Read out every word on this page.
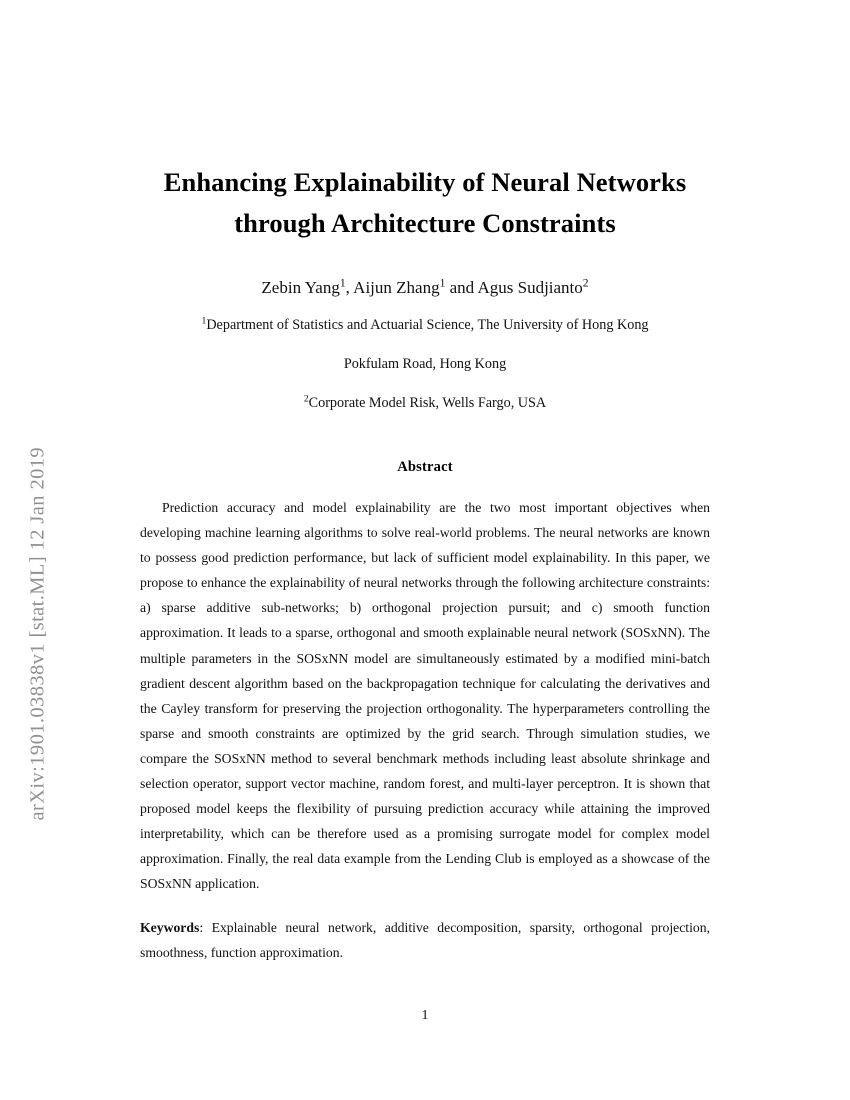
arXiv:1901.03838v1 [stat.ML] 12 Jan 2019
Enhancing Explainability of Neural Networks
through Architecture Constraints

Zebin Yang$^1$, Aijun Zhang$^1$ and Agus Sudjianto$^2$

$^1$Department of Statistics and Actuarial Science, The University of Hong Kong

Pokfulam Road, Hong Kong

$^2$Corporate Model Risk, Wells Fargo, USA

Abstract

Prediction accuracy and model explainability are the two most important objectives when developing machine learning algorithms to solve real-world problems. The neural networks are known to possess good prediction performance, but lack of sufficient model explainability. In this paper, we propose to enhance the explainability of neural networks through the following architecture constraints: a) sparse additive sub-networks; b) orthogonal projection pursuit; and c) smooth function approximation. It leads to a sparse, orthogonal and smooth explainable neural network (SOSxNN). The multiple parameters in the SOSxNN model are simultaneously estimated by a modified mini-batch gradient descent algorithm based on the backpropagation technique for calculating the derivatives and the Cayley transform for preserving the projection orthogonality. The hyperparameters controlling the sparse and smooth constraints are optimized by the grid search. Through simulation studies, we compare the SOSxNN method to several benchmark methods including least absolute shrinkage and selection operator, support vector machine, random forest, and multi-layer perceptron. It is shown that proposed model keeps the flexibility of pursuing prediction accuracy while attaining the improved interpretability, which can be therefore used as a promising surrogate model for complex model approximation. Finally, the real data example from the Lending Club is employed as a showcase of the SOSxNN application.

Keywords: Explainable neural network, additive decomposition, sparsity, orthogonal projection, smoothness, function approximation.

1
